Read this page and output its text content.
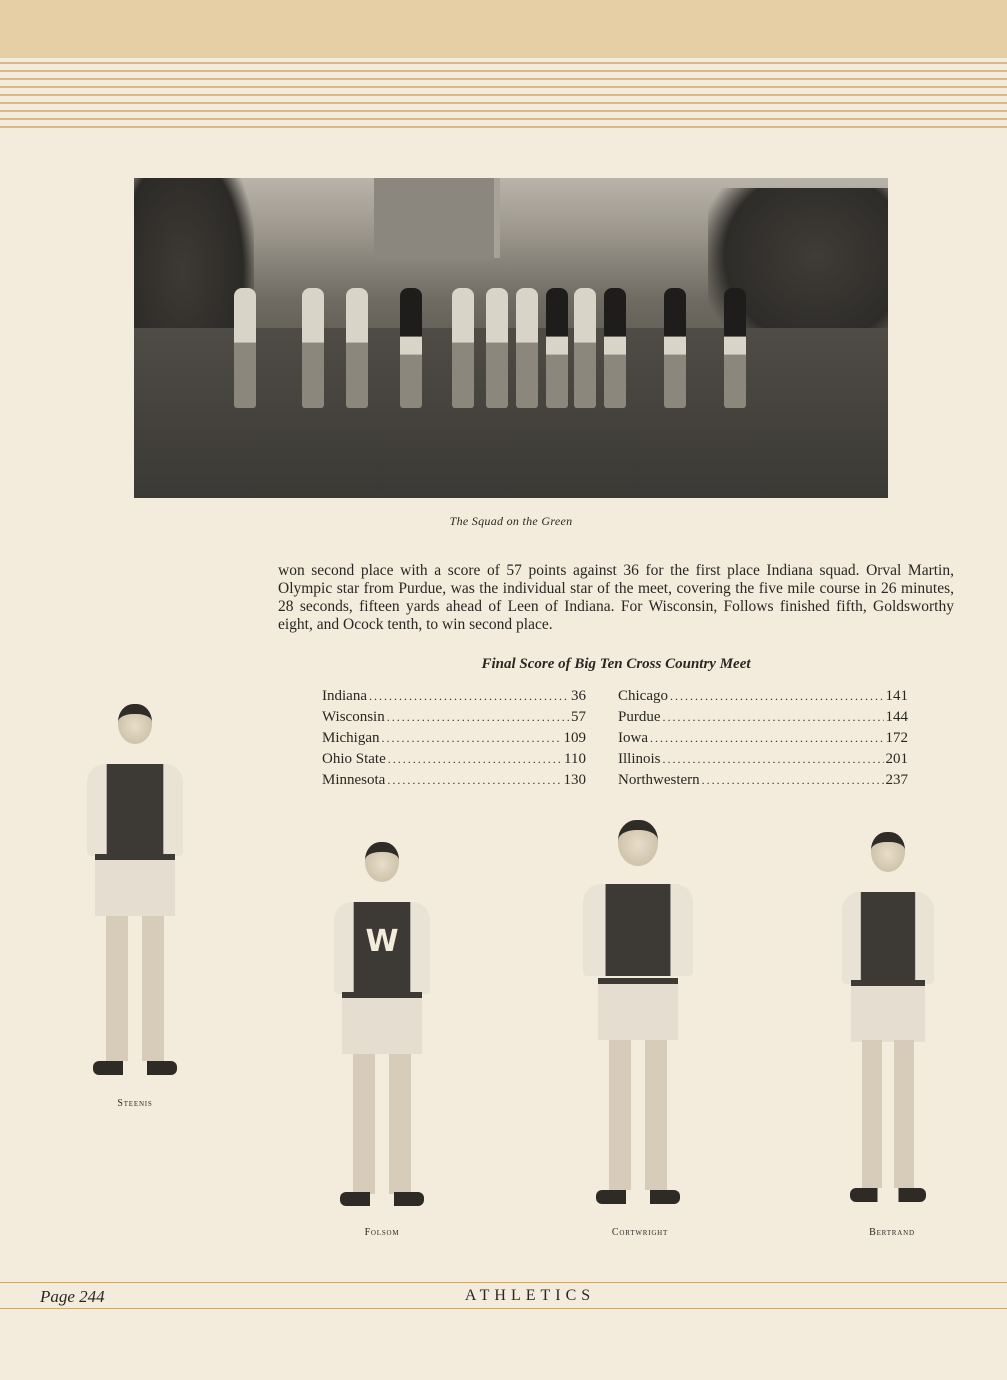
The Squad on the Green

won second place with a score of 57 points against 36 for the first place Indiana squad. Orval Martin, Olympic star from Purdue, was the individual star of the meet, covering the five mile course in 26 minutes, 28 seconds, fifteen yards ahead of Leen of Indiana. For Wisconsin, Follows finished fifth, Goldsworthy eight, and Ocock tenth, to win second place.

Final Score of Big Ten Cross Country Meet
Indiana .....	36
Wisconsin .....	57
Michigan .....	109
Ohio State .....	110
Minnesota .....	130
Chicago .....	141
Purdue .....	144
Iowa .....	172
Illinois .....	201
Northwestern .....	237
Steenis
W
Folsom	Cortwright	Bertrand
Page 244	ATHLETICS
